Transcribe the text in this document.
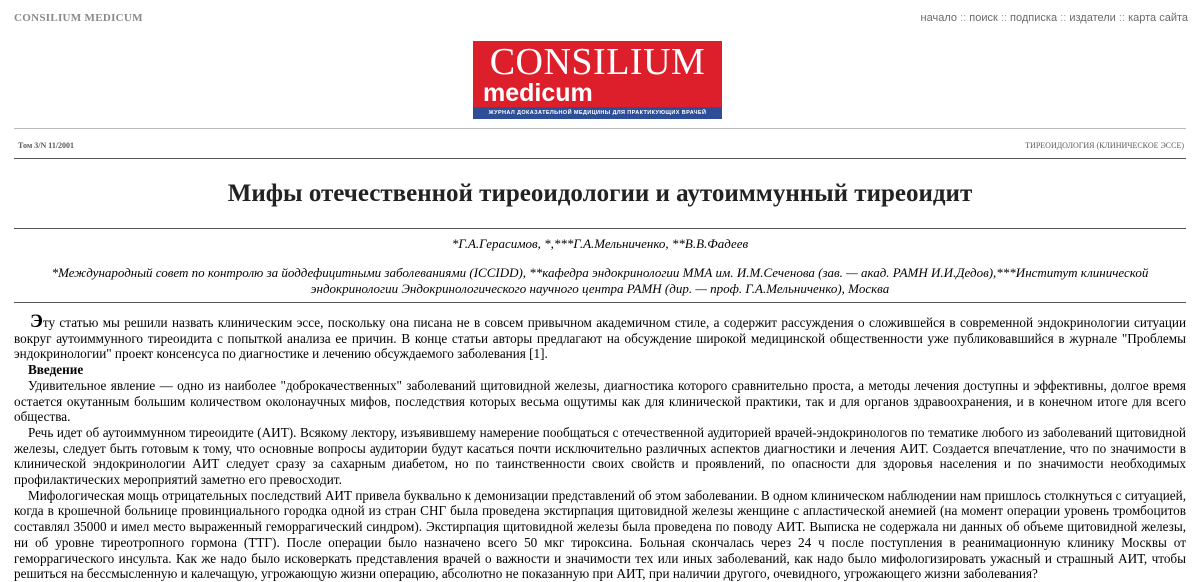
CONSILIUM MEDICUM	начало :: поиск :: подписка :: издатели :: карта сайта
CONSILIUM
medicum
ЖУРНАЛ ДОКАЗАТЕЛЬНОЙ МЕДИЦИНЫ ДЛЯ ПРАКТИКУЮЩИХ ВРАЧЕЙ
Том 3/N 11/2001	ТИРЕОИДОЛОГИЯ (КЛИНИЧЕСКОЕ ЭССЕ)
Мифы отечественной тиреоидологии и аутоиммунный тиреоидит
*Г.А.Герасимов, *,***Г.А.Мельниченко, **В.В.Фадеев
*Международный совет по контролю за йоддефицитными заболеваниями (ICCIDD), **кафедра эндокринологии ММА им. И.М.Сеченова (зав. — акад. РАМН И.И.Дедов),***Институт клинической эндокринологии Эндокринологического научного центра РАМН (дир. — проф. Г.А.Мельниченко), Москва

Эту статью мы решили назвать клиническим эссе, поскольку она писана не в совсем привычном академичном стиле, а содержит рассуждения о сложившейся в современной эндокринологии ситуации вокруг аутоиммунного тиреоидита с попыткой анализа ее причин. В конце статьи авторы предлагают на обсуждение широкой медицинской общественности уже публиковавшийся в журнале "Проблемы эндокринологии" проект консенсуса по диагностике и лечению обсуждаемого заболевания [1].

Введение

Удивительное явление — одно из наиболее "доброкачественных" заболеваний щитовидной железы, диагностика которого сравнительно проста, а методы лечения доступны и эффективны, долгое время остается окутанным большим количеством околонаучных мифов, последствия которых весьма ощутимы как для клинической практики, так и для органов здравоохранения, и в конечном итоге для всего общества.

Речь идет об аутоиммунном тиреоидите (АИТ). Всякому лектору, изъявившему намерение пообщаться с отечественной аудиторией врачей-эндокринологов по тематике любого из заболеваний щитовидной железы, следует быть готовым к тому, что основные вопросы аудитории будут касаться почти исключительно различных аспектов диагностики и лечения АИТ. Создается впечатление, что по значимости в клинической эндокринологии АИТ следует сразу за сахарным диабетом, но по таинственности своих свойств и проявлений, по опасности для здоровья населения и по значимости необходимых профилактических мероприятий заметно его превосходит.

Мифологическая мощь отрицательных последствий АИТ привела буквально к демонизации представлений об этом заболевании. В одном клиническом наблюдении нам пришлось столкнуться с ситуацией, когда в крошечной больнице провинциального городка одной из стран СНГ была проведена экстирпация щитовидной железы женщине с апластической анемией (на момент операции уровень тромбоцитов составлял 35000 и имел место выраженный геморрагический синдром). Экстирпация щитовидной железы была проведена по поводу АИТ. Выписка не содержала ни данных об объеме щитовидной железы, ни об уровне тиреотропного гормона (ТТГ). После операции было назначено всего 50 мкг тироксина. Больная скончалась через 24 ч после поступления в реанимационную клинику Москвы от геморрагического инсульта. Как же надо было исковеркать представления врачей о важности и значимости тех или иных заболеваний, как надо было мифологизировать ужасный и страшный АИТ, чтобы решиться на бессмысленную и калечащую, угрожающую жизни операцию, абсолютно не показанную при АИТ, при наличии другого, очевидного, угрожающего жизни заболевания?
